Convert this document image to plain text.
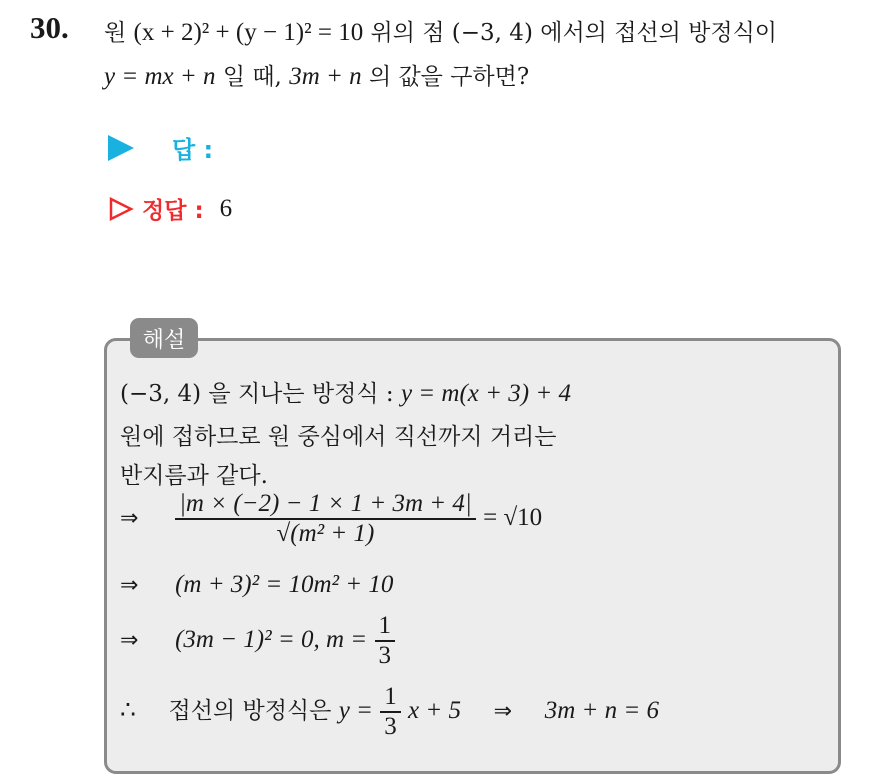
30. 원 (x + 2)² + (y − 1)² = 10 위의 점 (−3, 4) 에서의 접선의 방정식이
y = mx + n 일 때, 3m + n 의 값을 구하면?
답 :
정답 : 6
해설
(−3, 4) 을 지나는 방정식 : y = m(x + 3) + 4
원에 접하므로 원 중심에서 직선까지 거리는
반지름과 같다.
⇒ $\frac{|m \times (-2) - 1 \times 1 + 3m + 4|}{\text{√(m² + 1)}} = √10$
⇒ (m + 3)² = 10m² + 10
⇒ (3m − 1)² = 0, $m = \frac{1}{3}$
∴ 접선의 방정식은 $y = \frac{1}{3}$ x + 5 ⇒ 3m + n = 6
